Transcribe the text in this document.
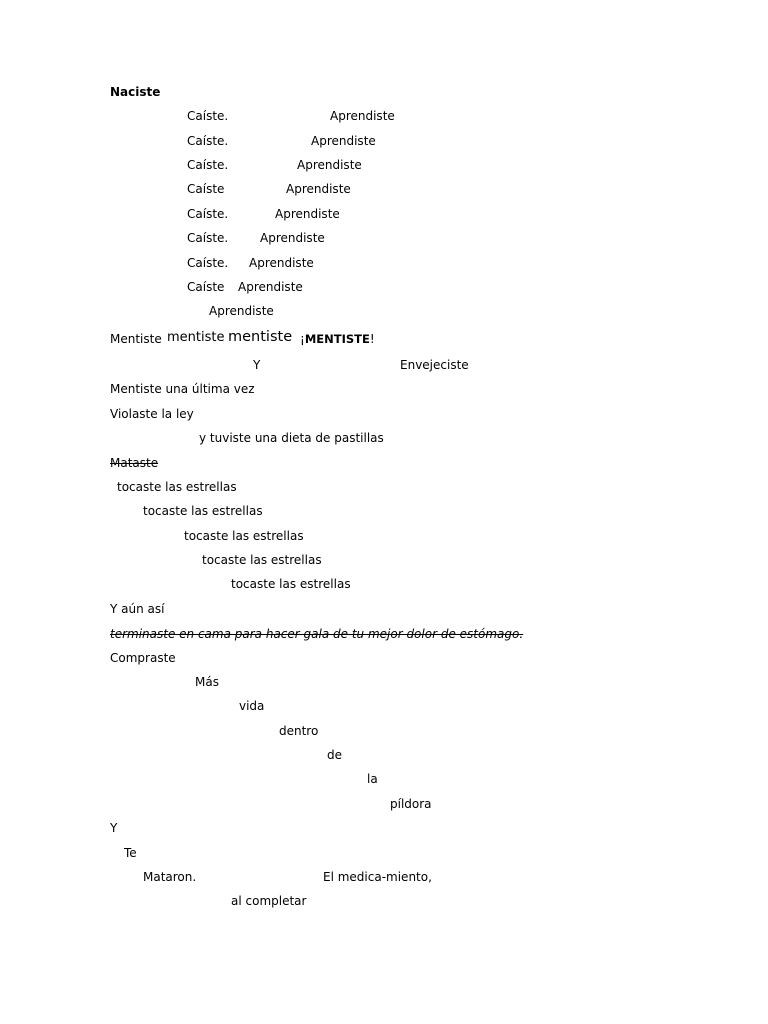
Naciste
Caíste.	Aprendiste
Caíste.	Aprendiste
Caíste.	Aprendiste
Caíste	Aprendiste
Caíste.	Aprendiste
Caíste.	Aprendiste
Caíste. Aprendiste
Caíste Aprendiste
Aprendiste
Mentiste mentiste mentiste ¡MENTISTE!
Y	Envejeciste
Mentiste una última vez
Violaste la ley
y tuviste una dieta de pastillas
Mataste
tocaste las estrellas
tocaste las estrellas
tocaste las estrellas
tocaste las estrellas
tocaste las estrellas
Y aún así
terminaste en cama para hacer gala de tu mejor dolor de estómago.
Compraste
Más
vida
dentro
de
la
píldora
Y
Te
Mataron.	El medica-miento,
al completar
